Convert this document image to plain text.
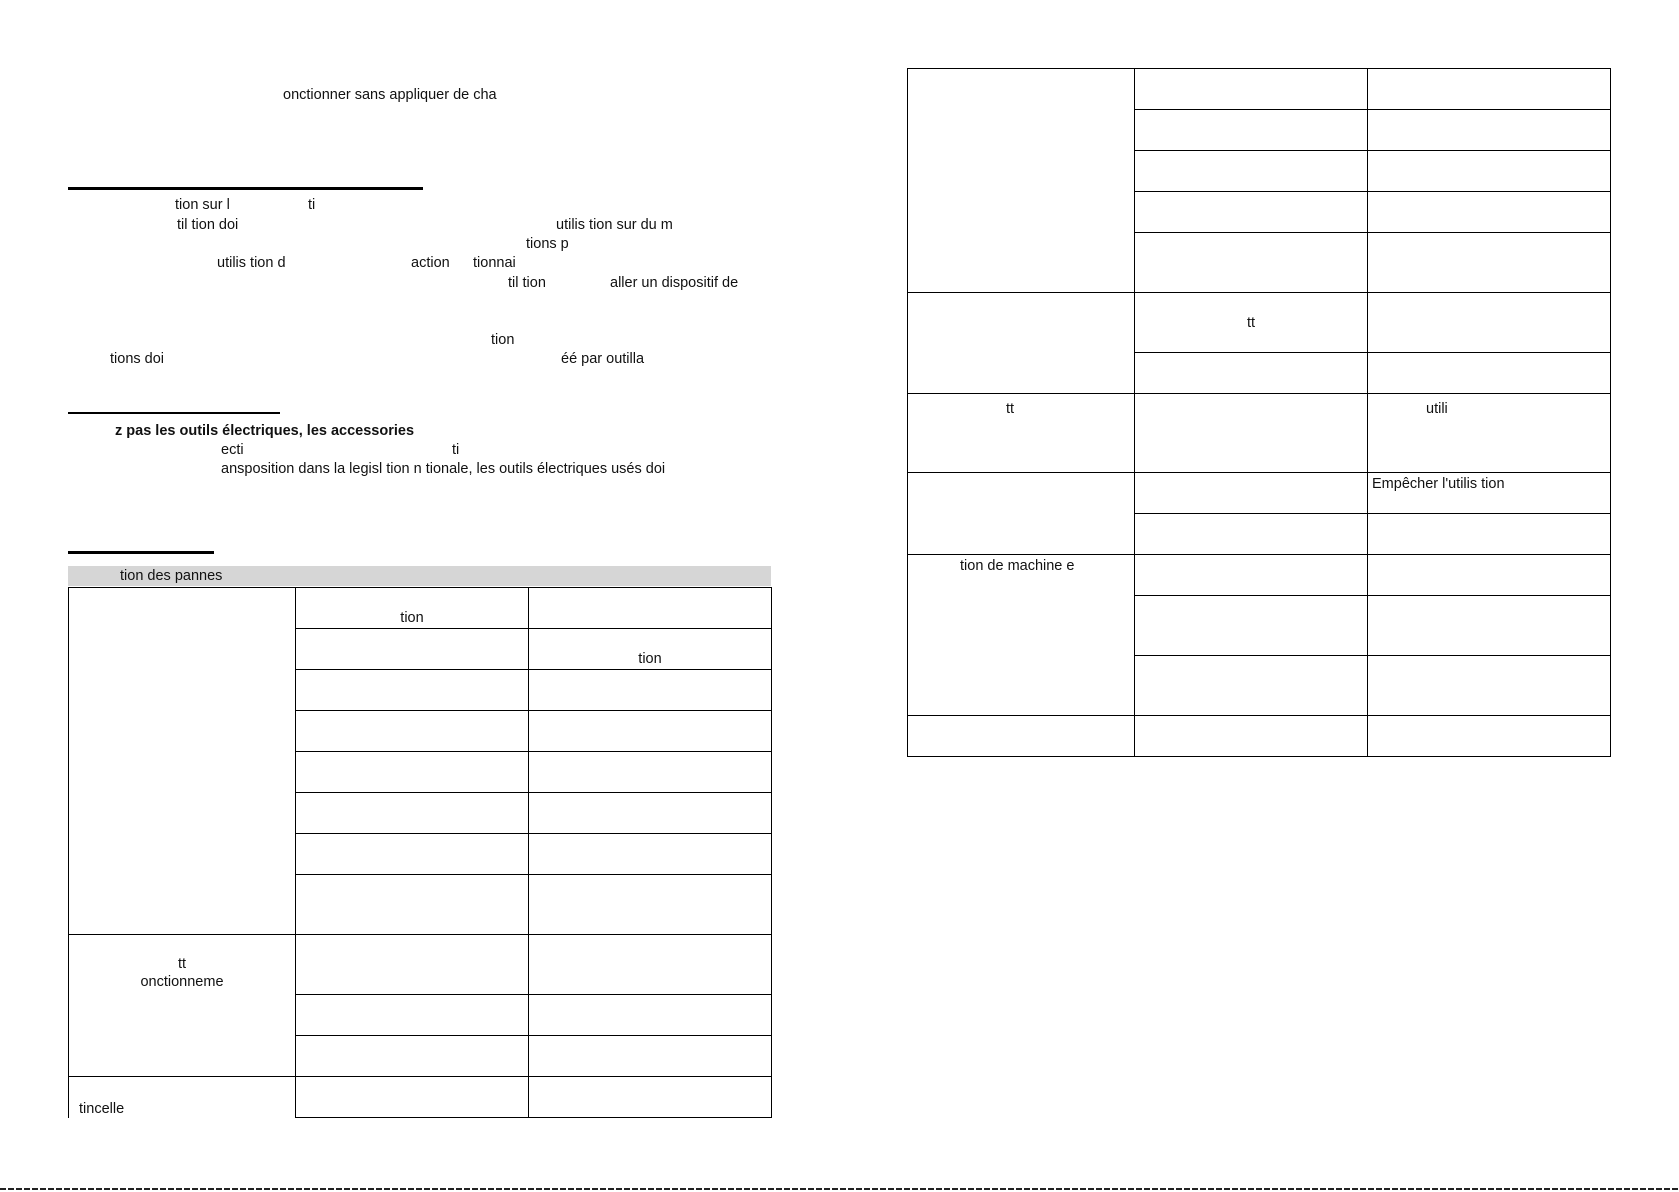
onctionner sans appliquer de cha
tion sur l	ti
til tion doi	utilis tion sur du m
tions p
utilis tion d	action tionnai
til tion	aller un dispositif de
tion
tions doi	éé par outilla
z pas les outils électriques, les accessories
ecti	ti
ansposition dans la legisl tion n tionale, les outils électriques usés doi
tion des pannes
	tion	
		tion

tt
onctionneme		

tincelle		

	tt	

tt		utili
		Empêcher l'utilis tion

tion de machine e		
